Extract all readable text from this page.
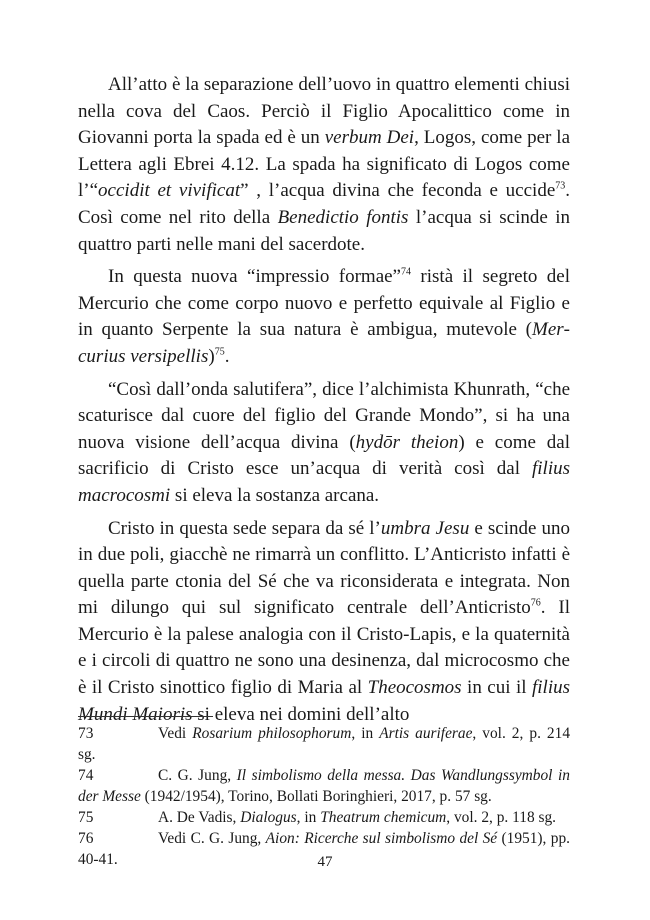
All’atto è la separazione dell’uovo in quattro elementi chiusi nella cova del Caos. Perciò il Figlio Apocalittico come in Giovanni porta la spada ed è un verbum Dei, Logos, come per la Lettera agli Ebrei 4.12. La spada ha significato di Logos come l’“occidit et vivificat” , l’acqua divina che feconda e uccide$^{73}$. Così come nel rito della Benedictio fontis l’acqua si scinde in quattro parti nelle mani del sacerdote.

In questa nuova “impressio formae”$^{74}$ ristà il segreto del Mercurio che come corpo nuovo e perfetto equivale al Figlio e in quanto Serpente la sua natura è ambigua, mutevole (Mercurius versipellis)$^{75}$.

“Così dall’onda salutifera”, dice l’alchimista Khunrath, “che scaturisce dal cuore del figlio del Grande Mondo”, si ha una nuova visione dell’acqua divina (hydōr theion) e come dal sacrificio di Cristo esce un’acqua di verità così dal filius macrocosmi si eleva la sostanza arcana.

Cristo in questa sede separa da sé l’umbra Jesu e scinde uno in due poli, giacchè ne rimarrà un conflitto. L’Anticristo infatti è quella parte ctonia del Sé che va riconsiderata e integrata. Non mi dilungo qui sul significato centrale dell’Anticristo$^{76}$. Il Mercurio è la palese analogia con il Cristo-Lapis, e la quaternità e i circoli di quattro ne sono una desinenza, dal microcosmo che è il Cristo sinottico figlio di Maria al Theocosmos in cui il filius Mundi Maioris si eleva nei domini dell’alto

73	Vedi Rosarium philosophorum, in Artis auriferae, vol. 2, p. 214 sg.

74	C. G. Jung, Il simbolismo della messa. Das Wandlungssymbol in der Messe (1942/1954), Torino, Bollati Boringhieri, 2017, p. 57 sg.

75	A. De Vadis, Dialogus, in Theatrum chemicum, vol. 2, p. 118 sg.

76	Vedi C. G. Jung, Aion: Ricerche sul simbolismo del Sé (1951), pp. 40-41.	47
